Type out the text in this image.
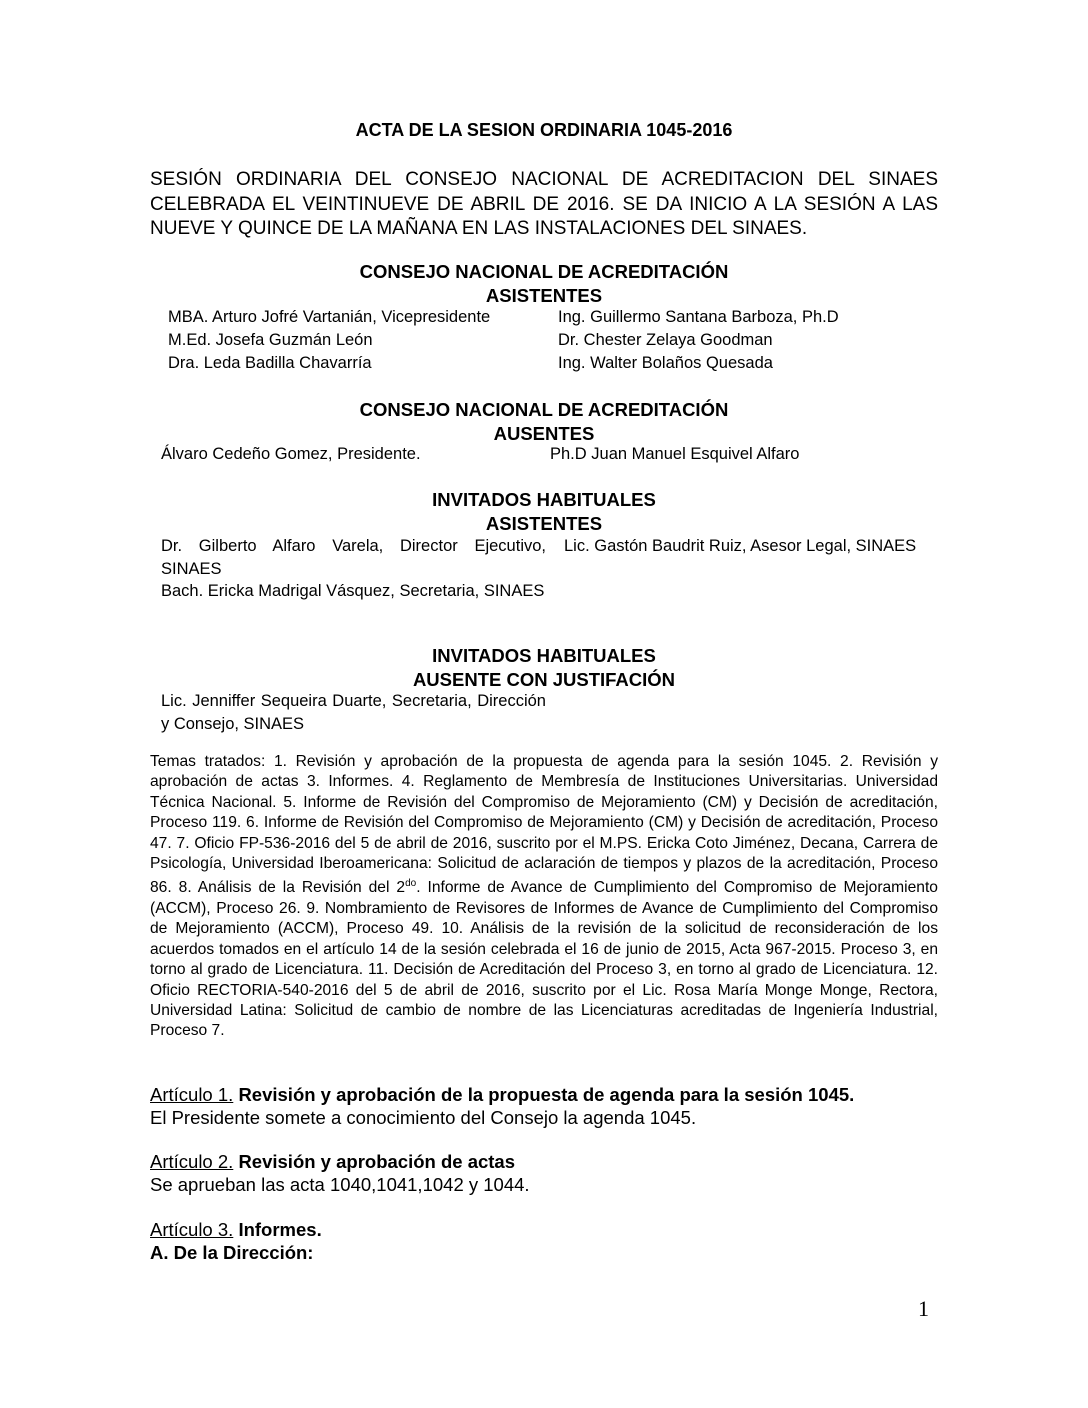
ACTA DE LA SESION ORDINARIA 1045-2016

SESIÓN ORDINARIA DEL CONSEJO NACIONAL DE ACREDITACION DEL SINAES CELEBRADA EL VEINTINUEVE DE ABRIL DE 2016. SE DA INICIO A LA SESIÓN A LAS NUEVE Y QUINCE DE LA MAÑANA EN LAS INSTALACIONES DEL SINAES.

CONSEJO NACIONAL DE ACREDITACIÓN
ASISTENTES

MBA. Arturo Jofré Vartanián, Vicepresidente

M.Ed. Josefa Guzmán León

Dra. Leda Badilla Chavarría

Ing. Guillermo Santana Barboza, Ph.D

Dr. Chester Zelaya Goodman

Ing. Walter Bolaños Quesada

CONSEJO NACIONAL DE ACREDITACIÓN
AUSENTES

Álvaro Cedeño Gomez, Presidente.	Ph.D Juan Manuel Esquivel Alfaro

INVITADOS HABITUALES
ASISTENTES

Dr. Gilberto Alfaro Varela, Director Ejecutivo, SINAES

Bach. Ericka Madrigal Vásquez, Secretaria, SINAES

Lic. Gastón Baudrit Ruiz, Asesor Legal, SINAES

INVITADOS HABITUALES
AUSENTE CON JUSTIFACIÓN

Lic. Jenniffer Sequeira Duarte, Secretaria, Dirección y Consejo, SINAES

Temas tratados: 1. Revisión y aprobación de la propuesta de agenda para la sesión 1045. 2. Revisión y aprobación de actas 3. Informes. 4. Reglamento de Membresía de Instituciones Universitarias. Universidad Técnica Nacional. 5. Informe de Revisión del Compromiso de Mejoramiento (CM) y Decisión de acreditación, Proceso 119. 6. Informe de Revisión del Compromiso de Mejoramiento (CM) y Decisión de acreditación, Proceso 47. 7. Oficio FP-536-2016 del 5 de abril de 2016, suscrito por el M.PS. Ericka Coto Jiménez, Decana, Carrera de Psicología, Universidad Iberoamericana: Solicitud de aclaración de tiempos y plazos de la acreditación, Proceso 86. 8. Análisis de la Revisión del $2^{do}$. Informe de Avance de Cumplimiento del Compromiso de Mejoramiento (ACCM), Proceso 26. 9. Nombramiento de Revisores de Informes de Avance de Cumplimiento del Compromiso de Mejoramiento (ACCM), Proceso 49. 10. Análisis de la revisión de la solicitud de reconsideración de los acuerdos tomados en el artículo 14 de la sesión celebrada el 16 de junio de 2015, Acta 967-2015. Proceso 3, en torno al grado de Licenciatura. 11. Decisión de Acreditación del Proceso 3, en torno al grado de Licenciatura. 12. Oficio RECTORIA-540-2016 del 5 de abril de 2016, suscrito por el Lic. Rosa María Monge Monge, Rectora, Universidad Latina: Solicitud de cambio de nombre de las Licenciaturas acreditadas de Ingeniería Industrial, Proceso 7.

Artículo 1. Revisión y aprobación de la propuesta de agenda para la sesión 1045.
El Presidente somete a conocimiento del Consejo la agenda 1045.
Artículo 2. Revisión y aprobación de actas
Se aprueban las acta 1040,1041,1042 y 1044.
Artículo 3. Informes.
A. De la Dirección:

1
